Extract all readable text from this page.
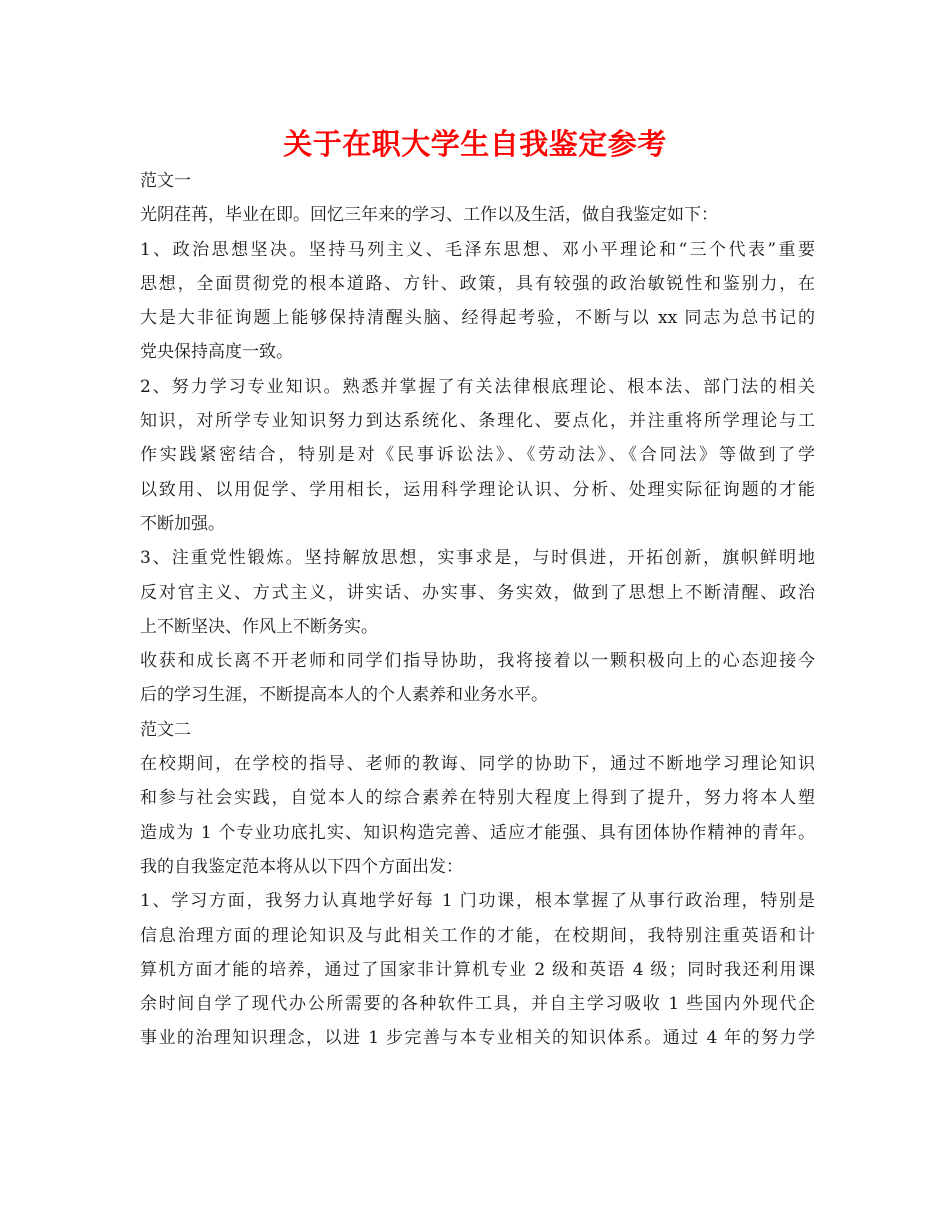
关于在职大学生自我鉴定参考
范文一
光阴荏苒，毕业在即。回忆三年来的学习、工作以及生活，做自我鉴定如下：
1、政治思想坚决。坚持马列主义、毛泽东思想、邓小平理论和“三个代表”重要
思想，全面贯彻党的根本道路、方针、政策，具有较强的政治敏锐性和鉴别力，在
大是大非征询题上能够保持清醒头脑、经得起考验，不断与以 xx 同志为总书记的
党央保持高度一致。
2、努力学习专业知识。熟悉并掌握了有关法律根底理论、根本法、部门法的相关
知识，对所学专业知识努力到达系统化、条理化、要点化，并注重将所学理论与工
作实践紧密结合，特别是对《民事诉讼法》、《劳动法》、《合同法》等做到了学
以致用、以用促学、学用相长，运用科学理论认识、分析、处理实际征询题的才能
不断加强。
3、注重党性锻炼。坚持解放思想，实事求是，与时俱进，开拓创新，旗帜鲜明地
反对官主义、方式主义，讲实话、办实事、务实效，做到了思想上不断清醒、政治
上不断坚决、作风上不断务实。
收获和成长离不开老师和同学们指导协助，我将接着以一颗积极向上的心态迎接今
后的学习生涯，不断提高本人的个人素养和业务水平。
范文二
在校期间，在学校的指导、老师的教诲、同学的协助下，通过不断地学习理论知识
和参与社会实践，自觉本人的综合素养在特别大程度上得到了提升，努力将本人塑
造成为 1 个专业功底扎实、知识构造完善、适应才能强、具有团体协作精神的青年。
我的自我鉴定范本将从以下四个方面出发：
1、学习方面，我努力认真地学好每 1 门功课，根本掌握了从事行政治理，特别是
信息治理方面的理论知识及与此相关工作的才能，在校期间，我特别注重英语和计
算机方面才能的培养，通过了国家非计算机专业 2 级和英语 4 级；同时我还利用课
余时间自学了现代办公所需要的各种软件工具，并自主学习吸收 1 些国内外现代企
事业的治理知识理念，以进 1 步完善与本专业相关的知识体系。通过 4 年的努力学
